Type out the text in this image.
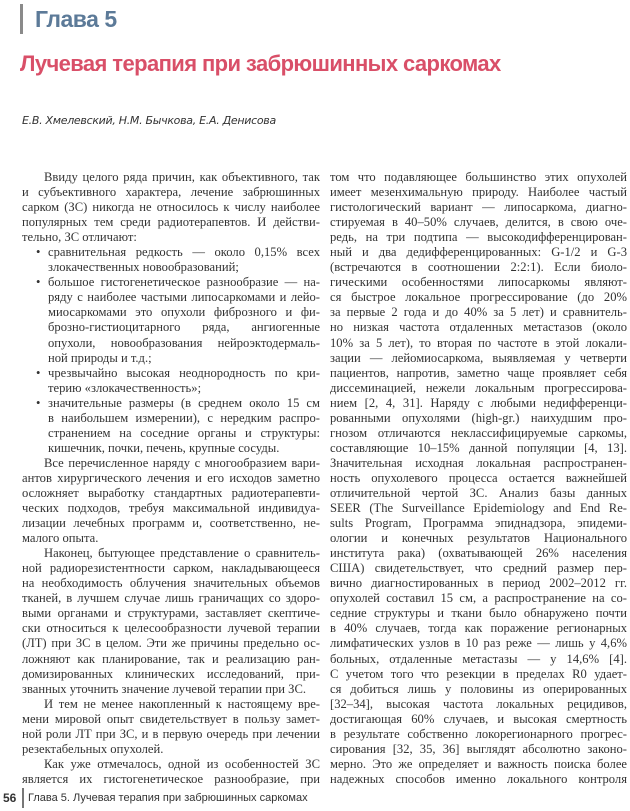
Глава 5
Лучевая терапия при забрюшинных саркомах
Е.В. Хмелевский, Н.М. Бычкова, Е.А. Денисова
Ввиду целого ряда причин, как объективного, так
и субъективного характера, лечение забрюшинных
сарком (ЗС) никогда не относилось к числу наиболее
популярных тем среди радиотерапевтов. И действи-
тельно, ЗС отличают:
• сравнительная редкость — около 0,15% всех
злокачественных новообразований;
• большое гистогенетическое разнообразие — на-
ряду с наиболее частыми липосаркомами и лейо-
миосаркомами это опухоли фиброзного и фи-
брозно-гистиоцитарного ряда, ангиогенные
опухоли, новообразования нейроэктодермаль-
ной природы и т.д.;
• чрезвычайно высокая неоднородность по кри-
терию «злокачественность»;
• значительные размеры (в среднем около 15 см
в наибольшем измерении), с нередким распро-
странением на соседние органы и структуры:
кишечник, почки, печень, крупные сосуды.
Все перечисленное наряду с многообразием вари-
антов хирургического лечения и его исходов заметно
осложняет выработку стандартных радиотерапевти-
ческих подходов, требуя максимальной индивидуа-
лизации лечебных программ и, соответственно, не-
малого опыта.
Наконец, бытующее представление о сравнитель-
ной радиорезистентности сарком, накладывающееся
на необходимость облучения значительных объемов
тканей, в лучшем случае лишь граничащих со здоро-
выми органами и структурами, заставляет скептиче-
ски относиться к целесообразности лучевой терапии
(ЛТ) при ЗС в целом. Эти же причины предельно ос-
ложняют как планирование, так и реализацию ран-
домизированных клинических исследований, при-
званных уточнить значение лучевой терапии при ЗС.
И тем не менее накопленный к настоящему вре-
мени мировой опыт свидетельствует в пользу замет-
ной роли ЛТ при ЗС, и в первую очередь при лечении
резектабельных опухолей.
Как уже отмечалось, одной из особенностей ЗС
является их гистогенетическое разнообразие, при
том что подавляющее большинство этих опухолей
имеет мезенхимальную природу. Наиболее частый
гистологический вариант — липосаркома, диагно-
стируемая в 40–50% случаев, делится, в свою оче-
редь, на три подтипа — высокодифференцирован-
ный и два дедифференцированных: G-1/2 и G-3
(встречаются в соотношении 2:2:1). Если биоло-
гическими особенностями липосаркомы являют-
ся быстрое локальное прогрессирование (до 20%
за первые 2 года и до 40% за 5 лет) и сравнитель-
но низкая частота отдаленных метастазов (около
10% за 5 лет), то вторая по частоте в этой локали-
зации — лейомиосаркома, выявляемая у четверти
пациентов, напротив, заметно чаще проявляет себя
диссеминацией, нежели локальным прогрессирова-
нием [2, 4, 31]. Наряду с любыми недифференци-
рованными опухолями (high-gr.) наихудшим про-
гнозом отличаются неклассифицируемые саркомы,
составляющие 10–15% данной популяции [4, 13].
Значительная исходная локальная распространен-
ность опухолевого процесса остается важнейшей
отличительной чертой ЗС. Анализ базы данных
SEER (The Surveillance Epidemiology and End Re-
sults Program, Программа эпиднадзора, эпидеми-
ологии и конечных результатов Национального
института рака) (охватывающей 26% населения
США) свидетельствует, что средний размер пер-
вично диагностированных в период 2002–2012 гг.
опухолей составил 15 см, а распространение на со-
седние структуры и ткани было обнаружено почти
в 40% случаев, тогда как поражение регионарных
лимфатических узлов в 10 раз реже — лишь у 4,6%
больных, отдаленные метастазы — у 14,6% [4].
С учетом того что резекции в пределах R0 удает-
ся добиться лишь у половины из оперированных
[32–34], высокая частота локальных рецидивов,
достигающая 60% случаев, и высокая смертность
в результате собственно локорегионарного прогрес-
сирования [32, 35, 36] выглядят абсолютно законо-
мерно. Это же определяет и важность поиска более
надежных способов именно локального контроля
56 Глава 5. Лучевая терапия при забрюшинных саркомах
